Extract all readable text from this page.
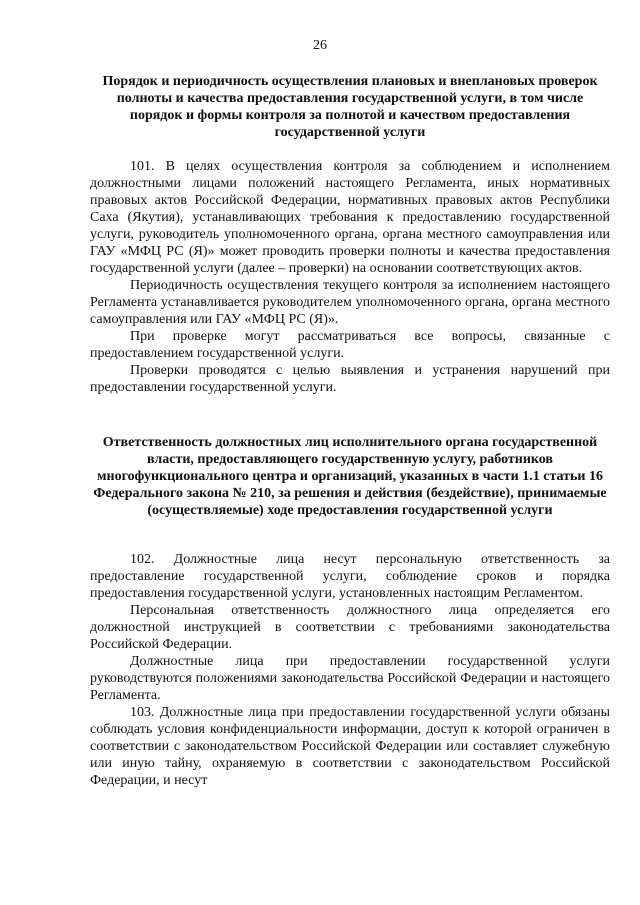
26

Порядок и периодичность осуществления плановых и внеплановых проверок полноты и качества предоставления государственной услуги, в том числе порядок и формы контроля за полнотой и качеством предоставления государственной услуги

101. В целях осуществления контроля за соблюдением и исполнением должностными лицами положений настоящего Регламента, иных нормативных правовых актов Российской Федерации, нормативных правовых актов Республики Саха (Якутия), устанавливающих требования к предоставлению государственной услуги, руководитель уполномоченного органа, органа местного самоуправления или ГАУ «МФЦ РС (Я)» может проводить проверки полноты и качества предоставления государственной услуги (далее – проверки) на основании соответствующих актов.

Периодичность осуществления текущего контроля за исполнением настоящего Регламента устанавливается руководителем уполномоченного органа, органа местного самоуправления или ГАУ «МФЦ РС (Я)».

При проверке могут рассматриваться все вопросы, связанные с предоставлением государственной услуги.

Проверки проводятся с целью выявления и устранения нарушений при предоставлении государственной услуги.

Ответственность должностных лиц исполнительного органа государственной власти, предоставляющего государственную услугу, работников многофункционального центра и организаций, указанных в части 1.1 статьи 16 Федерального закона № 210, за решения и действия (бездействие), принимаемые (осуществляемые) ходе предоставления государственной услуги

102. Должностные лица несут персональную ответственность за предоставление государственной услуги, соблюдение сроков и порядка предоставления государственной услуги, установленных настоящим Регламентом.

Персональная ответственность должностного лица определяется его должностной инструкцией в соответствии с требованиями законодательства Российской Федерации.

Должностные лица при предоставлении государственной услуги руководствуются положениями законодательства Российской Федерации и настоящего Регламента.

103. Должностные лица при предоставлении государственной услуги обязаны соблюдать условия конфиденциальности информации, доступ к которой ограничен в соответствии с законодательством Российской Федерации или составляет служебную или иную тайну, охраняемую в соответствии с законодательством Российской Федерации, и несут
